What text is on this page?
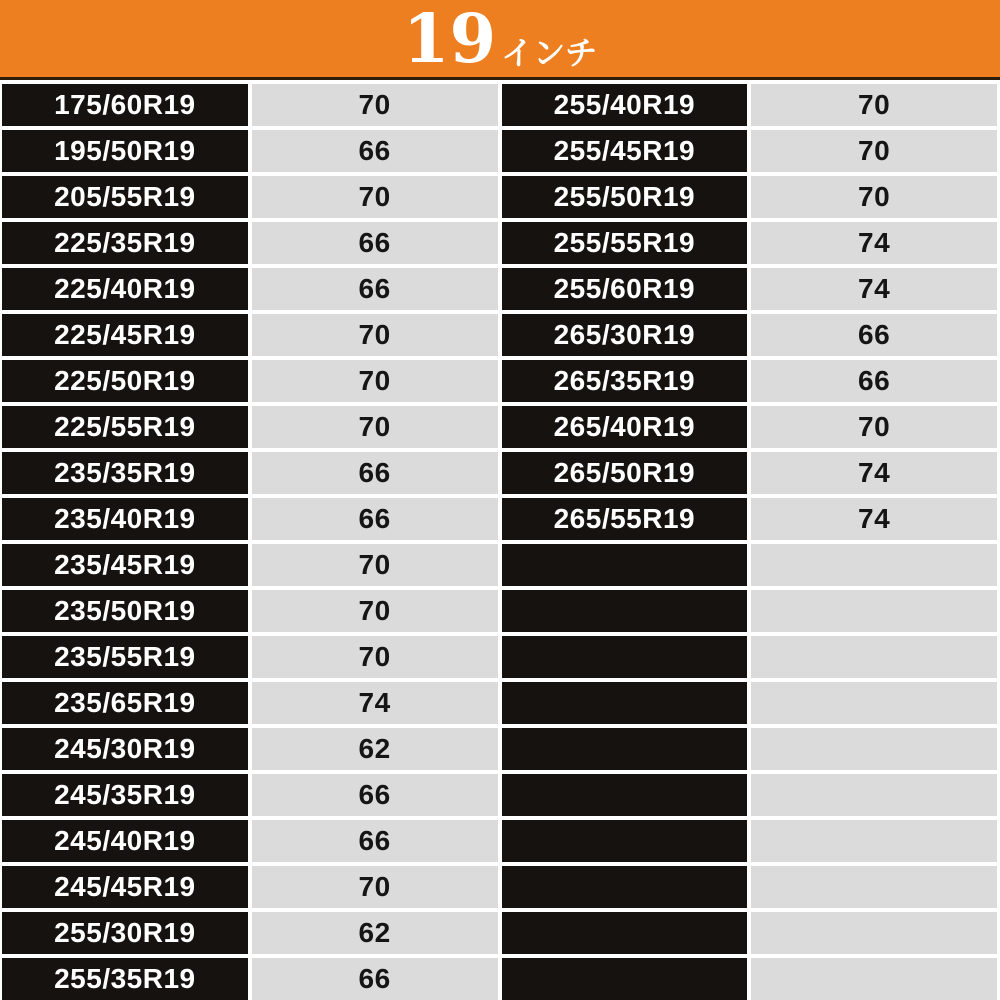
19 インチ
175/60R19	70	255/40R19	70
195/50R19	66	255/45R19	70
205/55R19	70	255/50R19	70
225/35R19	66	255/55R19	74
225/40R19	66	255/60R19	74
225/45R19	70	265/30R19	66
225/50R19	70	265/35R19	66
225/55R19	70	265/40R19	70
235/35R19	66	265/50R19	74
235/40R19	66	265/55R19	74
235/45R19	70
235/50R19	70
235/55R19	70
235/65R19	74
245/30R19	62
245/35R19	66
245/40R19	66
245/45R19	70
255/30R19	62
255/35R19	66
